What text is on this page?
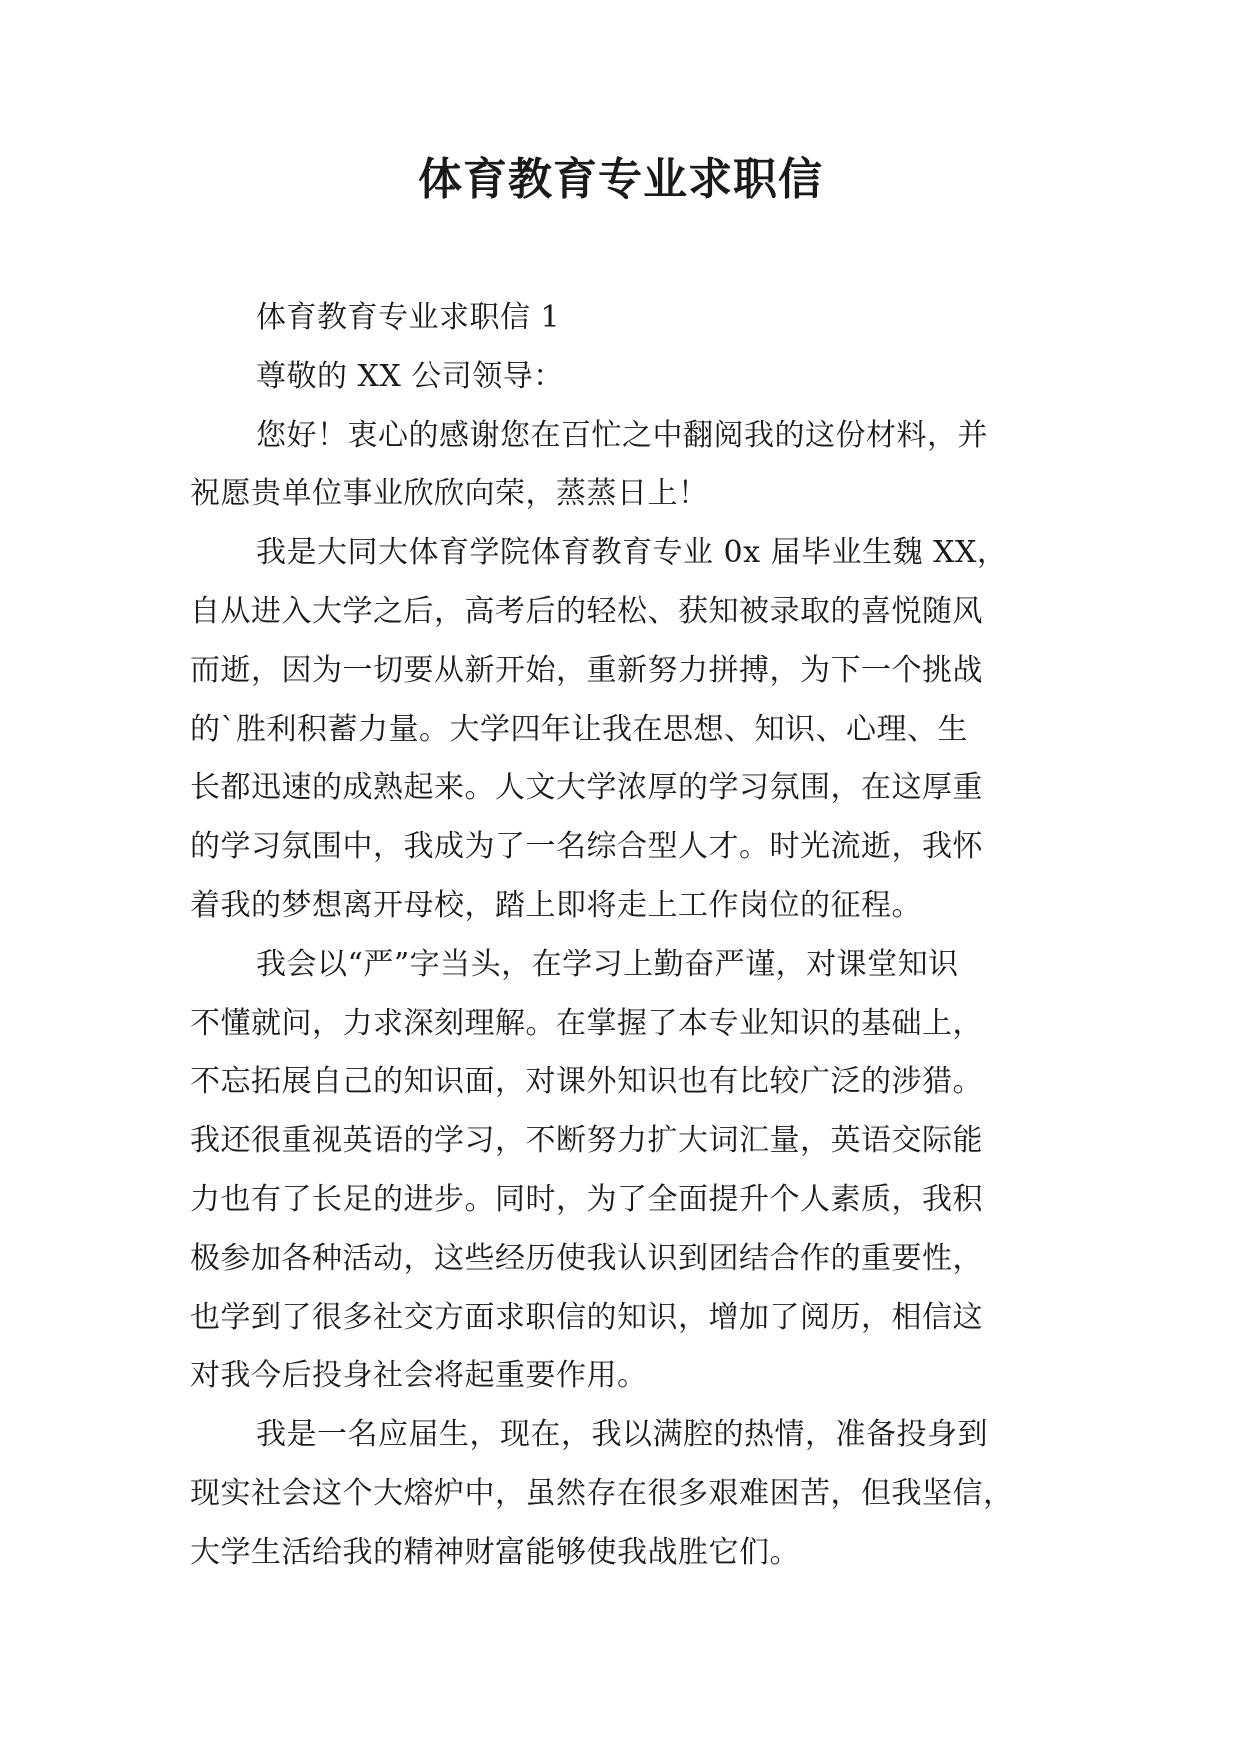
体育教育专业求职信
体育教育专业求职信 1
尊敬的 XX 公司领导：
您好！衷心的感谢您在百忙之中翻阅我的这份材料，并
祝愿贵单位事业欣欣向荣，蒸蒸日上！
我是大同大体育学院体育教育专业 0x 届毕业生魏 XX，
自从进入大学之后，高考后的轻松、获知被录取的喜悦随风
而逝，因为一切要从新开始，重新努力拼搏，为下一个挑战
的`胜利积蓄力量。大学四年让我在思想、知识、心理、生
长都迅速的成熟起来。人文大学浓厚的学习氛围，在这厚重
的学习氛围中，我成为了一名综合型人才。时光流逝，我怀
着我的梦想离开母校，踏上即将走上工作岗位的征程。
我会以“严”字当头，在学习上勤奋严谨，对课堂知识
不懂就问，力求深刻理解。在掌握了本专业知识的基础上，
不忘拓展自己的知识面，对课外知识也有比较广泛的涉猎。
我还很重视英语的学习，不断努力扩大词汇量，英语交际能
力也有了长足的进步。同时，为了全面提升个人素质，我积
极参加各种活动，这些经历使我认识到团结合作的重要性，
也学到了很多社交方面求职信的知识，增加了阅历，相信这
对我今后投身社会将起重要作用。
我是一名应届生，现在，我以满腔的热情，准备投身到
现实社会这个大熔炉中，虽然存在很多艰难困苦，但我坚信，
大学生活给我的精神财富能够使我战胜它们。
